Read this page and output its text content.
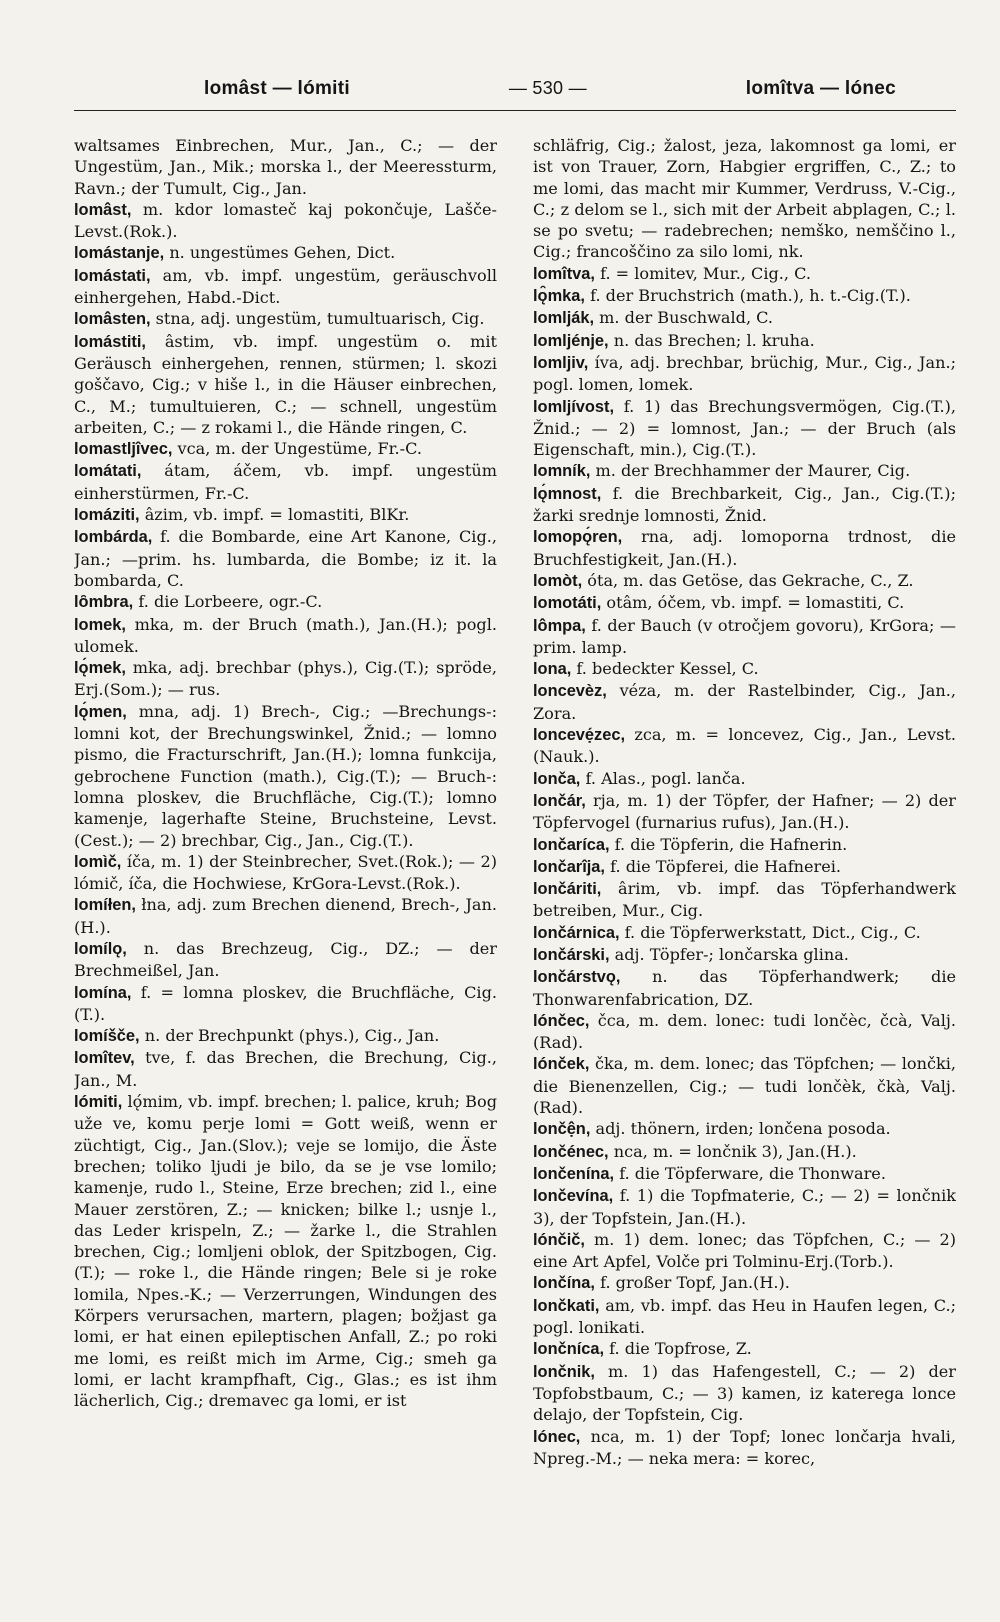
lomâst — lómiti	— 530 —	lomîtva — lónec

waltsames Einbrechen, Mur., Jan., C.; — der Ungestüm, Jan., Mik.; morska l., der Meeressturm, Ravn.; der Tumult, Cig., Jan.

lomâst, m. kdor lomasteč kaj pokončuje, Lašče-Levst.(Rok.).

lomástanje, n. ungestümes Gehen, Dict.

lomástati, am, vb. impf. ungestüm, geräuschvoll einhergehen, Habd.-Dict.

lomâsten, stna, adj. ungestüm, tumultuarisch, Cig.

lomástiti, âstim, vb. impf. ungestüm o. mit Geräusch einhergehen, rennen, stürmen; l. skozi goščavo, Cig.; v hiše l., in die Häuser einbrechen, C., M.; tumultuieren, C.; — schnell, ungestüm arbeiten, C.; — z rokami l., die Hände ringen, C.

lomastljîvec, vca, m. der Ungestüme, Fr.-C.

lomátati, átam, áčem, vb. impf. ungestüm einherstürmen, Fr.-C.

lomáziti, âzim, vb. impf. = lomastiti, BlKr.

lombárda, f. die Bombarde, eine Art Kanone, Cig., Jan.; —prim. hs. lumbarda, die Bombe; iz it. la bombarda, C.

lȏmbra, f. die Lorbeere, ogr.-C.

lomek, mka, m. der Bruch (math.), Jan.(H.); pogl. ulomek.

lǫ́mek, mka, adj. brechbar (phys.), Cig.(T.); spröde, Erj.(Som.); — rus.

lǫ́men, mna, adj. 1) Brech-, Cig.; —Brechungs-: lomni kot, der Brechungswinkel, Žnid.; — lomno pismo, die Fracturschrift, Jan.(H.); lomna funkcija, gebrochene Function (math.), Cig.(T.); — Bruch-: lomna ploskev, die Bruchfläche, Cig.(T.); lomno kamenje, lagerhafte Steine, Bruchsteine, Levst.(Cest.); — 2) brechbar, Cig., Jan., Cig.(T.).

lomìč, íča, m. 1) der Steinbrecher, Svet.(Rok.); — 2) lómič, íča, die Hochwiese, KrGora-Levst.(Rok.).

lomíłen, łna, adj. zum Brechen dienend, Brech-, Jan.(H.).

lomílǫ, n. das Brechzeug, Cig., DZ.; — der Brechmeißel, Jan.

lomína, f. = lomna ploskev, die Bruchfläche, Cig.(T.).

lomíšče, n. der Brechpunkt (phys.), Cig., Jan.

lomîtev, tve, f. das Brechen, die Brechung, Cig., Jan., M.

lómiti, lǫ́mim, vb. impf. brechen; l. palice, kruh; Bog uže ve, komu perje lomi = Gott weiß, wenn er züchtigt, Cig., Jan.(Slov.); veje se lomijo, die Äste brechen; toliko ljudi je bilo, da se je vse lomilo; kamenje, rudo l., Steine, Erze brechen; zid l., eine Mauer zerstören, Z.; — knicken; bilke l.; usnje l., das Leder krispeln, Z.; — žarke l., die Strahlen brechen, Cig.; lomljeni oblok, der Spitzbogen, Cig.(T.); — roke l., die Hände ringen; Bele si je roke lomila, Npes.-K.; — Verzerrungen, Windungen des Körpers verursachen, martern, plagen; božjast ga lomi, er hat einen epileptischen Anfall, Z.; po roki me lomi, es reißt mich im Arme, Cig.; smeh ga lomi, er lacht krampfhaft, Cig., Glas.; es ist ihm lächerlich, Cig.; dremavec ga lomi, er ist

schläfrig, Cig.; žalost, jeza, lakomnost ga lomi, er ist von Trauer, Zorn, Habgier ergriffen, C., Z.; to me lomi, das macht mir Kummer, Verdruss, V.-Cig., C.; z delom se l., sich mit der Arbeit abplagen, C.; l. se po svetu; — radebrechen; nemško, nemščino l., Cig.; francoščino za silo lomi, nk.

lomîtva, f. = lomitev, Mur., Cig., C.

lǫ̑mka, f. der Bruchstrich (math.), h. t.-Cig.(T.).

lomlják, m. der Buschwald, C.

lomljénje, n. das Brechen; l. kruha.

lomljiv, íva, adj. brechbar, brüchig, Mur., Cig., Jan.; pogl. lomen, lomek.

lomljívost, f. 1) das Brechungsvermögen, Cig.(T.), Žnid.; — 2) = lomnost, Jan.; — der Bruch (als Eigenschaft, min.), Cig.(T.).

lomník, m. der Brechhammer der Maurer, Cig.

lǫ́mnost, f. die Brechbarkeit, Cig., Jan., Cig.(T.); žarki srednje lomnosti, Žnid.

lomopǫ́ren, rna, adj. lomoporna trdnost, die Bruchfestigkeit, Jan.(H.).

lomòt, óta, m. das Getöse, das Gekrache, C., Z.

lomotáti, otâm, óčem, vb. impf. = lomastiti, C.

lômpa, f. der Bauch (v otročjem govoru), KrGora; — prim. lamp.

lona, f. bedeckter Kessel, C.

loncevèz, véza, m. der Rastelbinder, Cig., Jan., Zora.

loncevẹ́zec, zca, m. = loncevez, Cig., Jan., Levst.(Nauk.).

lonča, f. Alas., pogl. lanča.

lončár, rja, m. 1) der Töpfer, der Hafner; — 2) der Töpfervogel (furnarius rufus), Jan.(H.).

lončaríca, f. die Töpferin, die Hafnerin.

lončarîja, f. die Töpferei, die Hafnerei.

lončáriti, ârim, vb. impf. das Töpferhandwerk betreiben, Mur., Cig.

lončárnica, f. die Töpferwerkstatt, Dict., Cig., C.

lončárski, adj. Töpfer-; lončarska glina.

lončárstvǫ, n. das Töpferhandwerk; die Thonwarenfabrication, DZ.

lónčec, čca, m. dem. lonec: tudi lončèc, čcà, Valj.(Rad).

lónček, čka, m. dem. lonec; das Töpfchen; — lončki, die Bienenzellen, Cig.; — tudi lončèk, čkà, Valj.(Rad).

lončện, adj. thönern, irden; lončena posoda.

lončénec, nca, m. = lončnik 3), Jan.(H.).

lončenína, f. die Töpferware, die Thonware.

lončevína, f. 1) die Topfmaterie, C.; — 2) = lončnik 3), der Topfstein, Jan.(H.).

lónčič, m. 1) dem. lonec; das Töpfchen, C.; — 2) eine Art Apfel, Volče pri Tolminu-Erj.(Torb.).

lončína, f. großer Topf, Jan.(H.).

lončkati, am, vb. impf. das Heu in Haufen legen, C.; pogl. lonikati.

lončníca, f. die Topfrose, Z.

lončnik, m. 1) das Hafengestell, C.; — 2) der Topfobstbaum, C.; — 3) kamen, iz katerega lonce delajo, der Topfstein, Cig.

lónec, nca, m. 1) der Topf; lonec lončarja hvali, Npreg.-M.; — neka mera: = korec,
